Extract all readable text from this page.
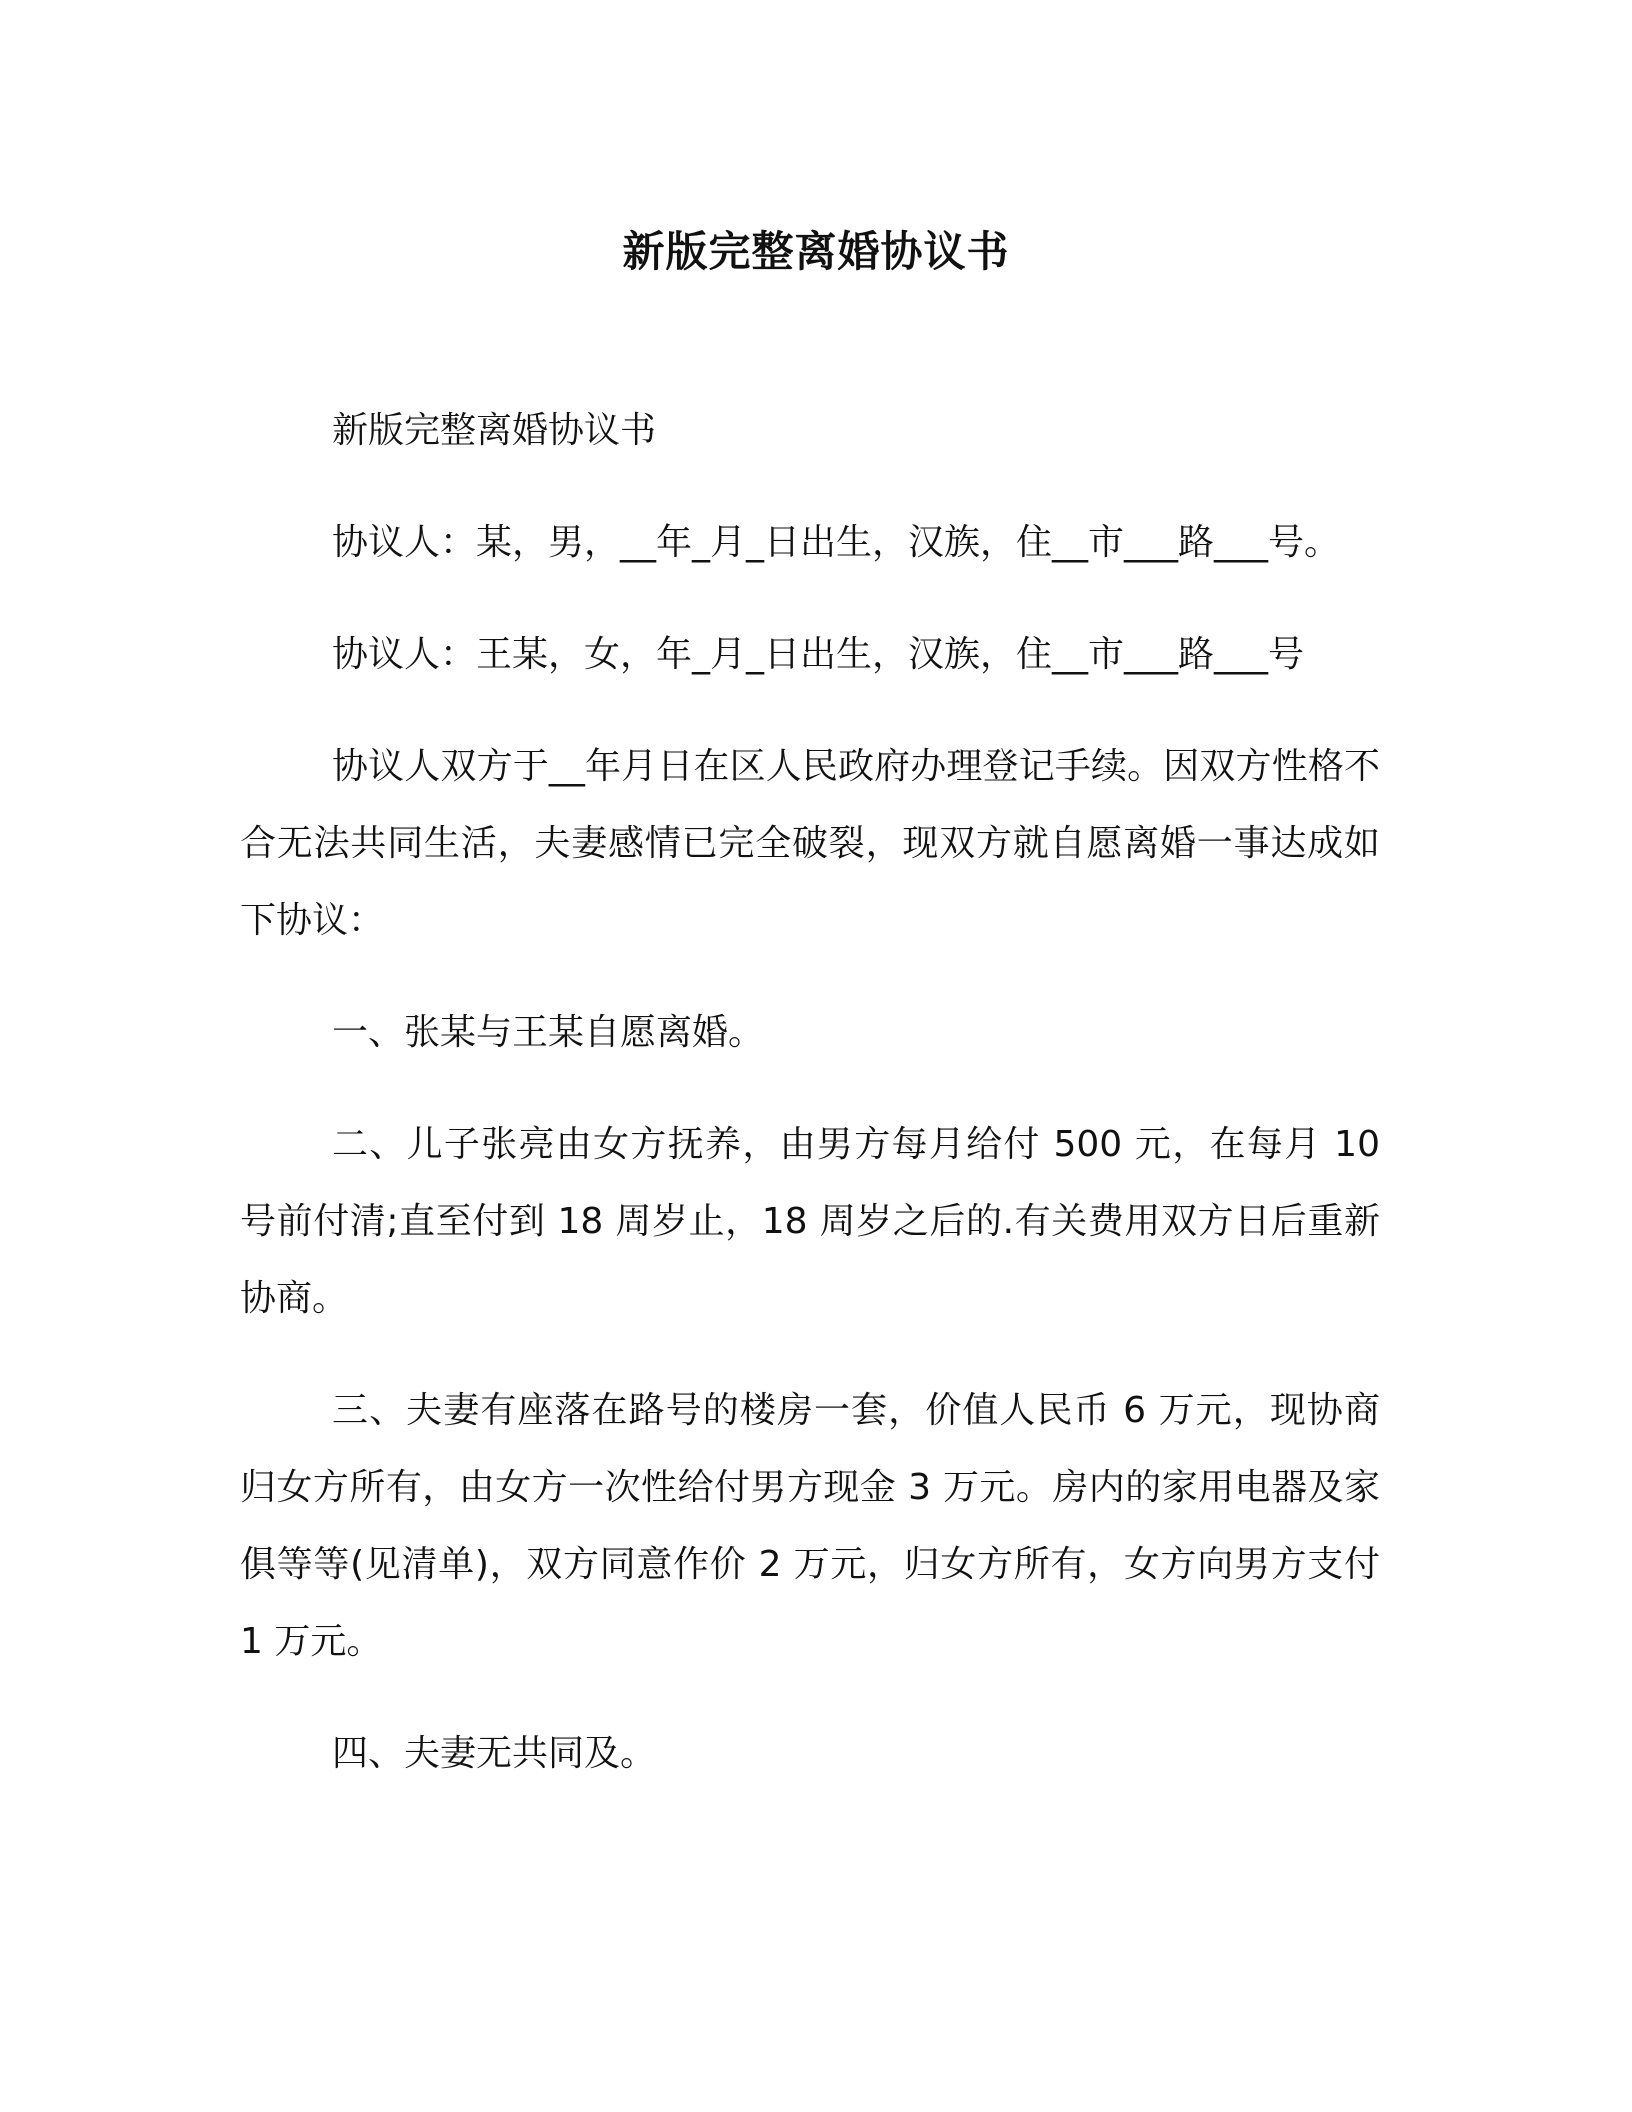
新版完整离婚协议书

新版完整离婚协议书

协议人：某，男，__年_月_日出生，汉族，住__市___路___号。

协议人：王某，女，年_月_日出生，汉族，住__市___路___号

协议人双方于__年月日在区人民政府办理登记手续。因双方性格不合无法共同生活，夫妻感情已完全破裂，现双方就自愿离婚一事达成如下协议：

一、张某与王某自愿离婚。

二、儿子张亮由女方抚养，由男方每月给付 500 元，在每月 10 号前付清;直至付到 18 周岁止，18 周岁之后的.有关费用双方日后重新协商。

三、夫妻有座落在路号的楼房一套，价值人民币 6 万元，现协商归女方所有，由女方一次性给付男方现金 3 万元。房内的家用电器及家俱等等(见清单)，双方同意作价 2 万元，归女方所有，女方向男方支付 1 万元。

四、夫妻无共同及。
